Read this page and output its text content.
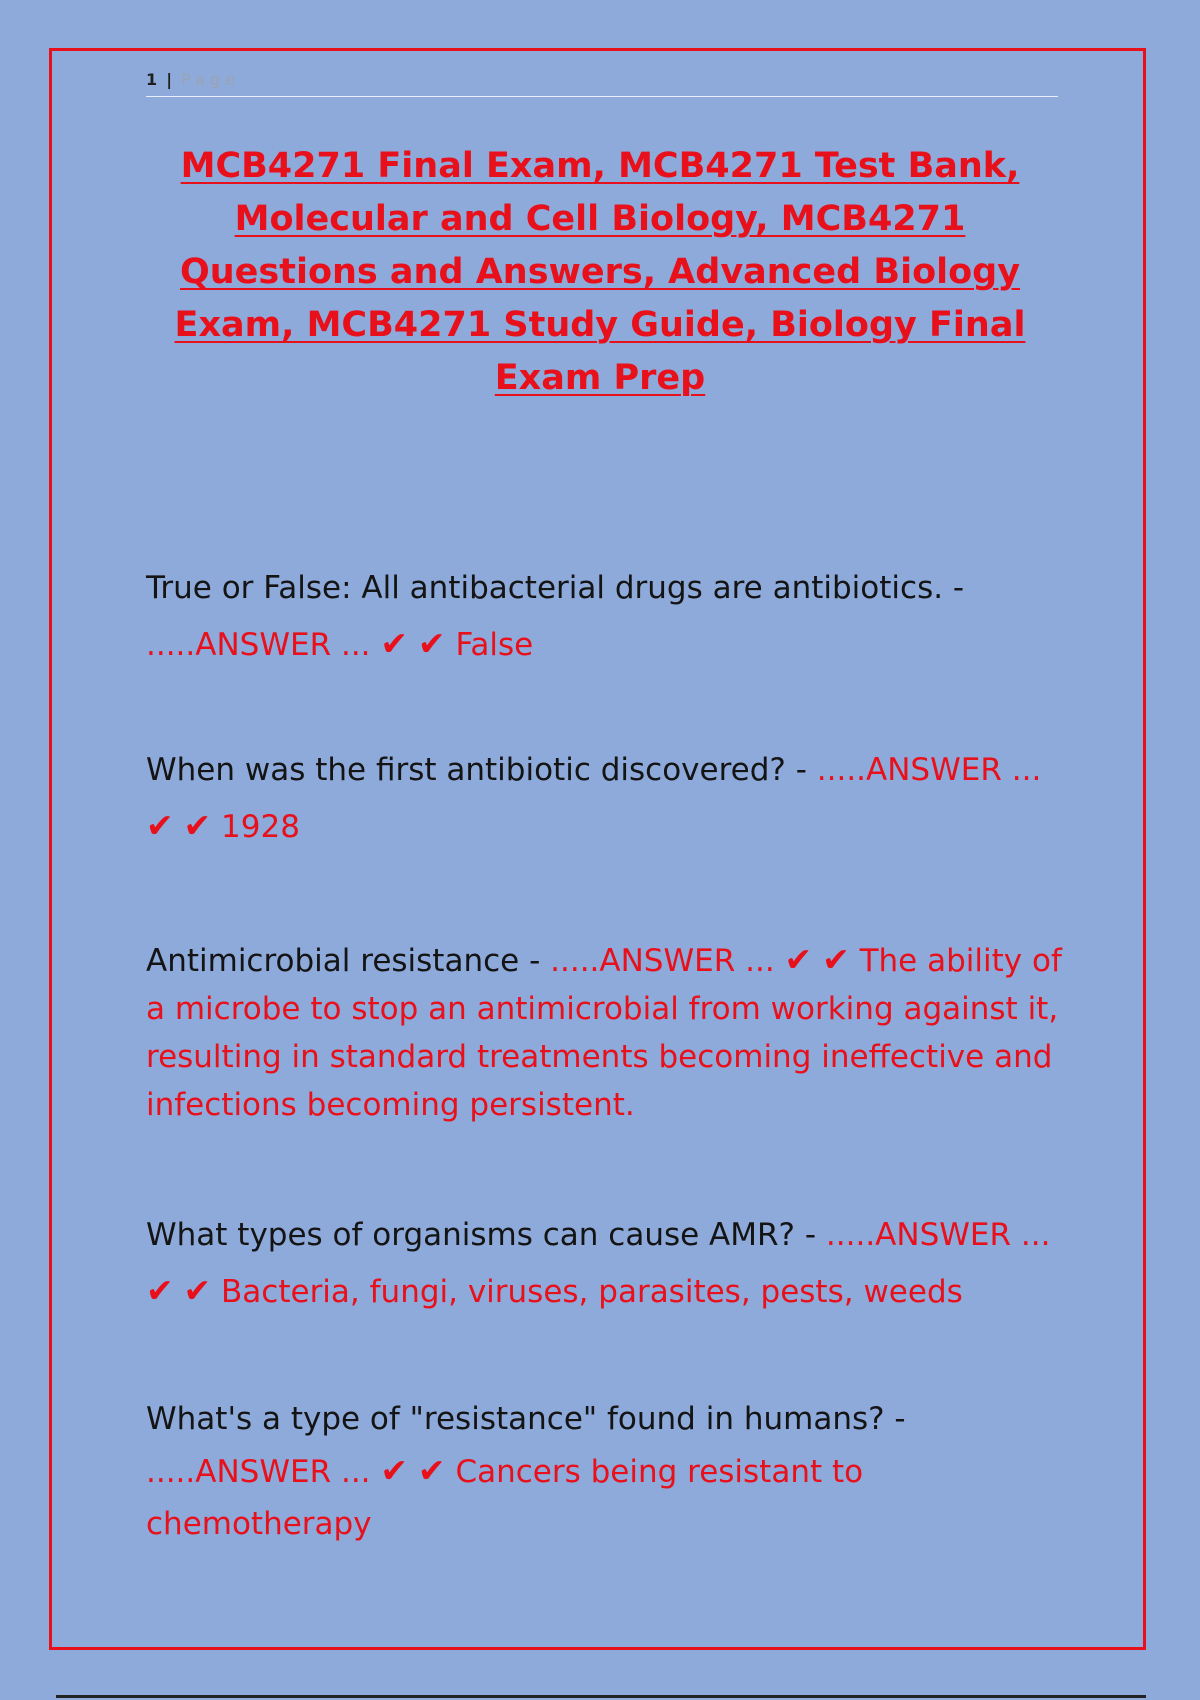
1 | Page
MCB4271 Final Exam, MCB4271 Test Bank, Molecular and Cell Biology, MCB4271 Questions and Answers, Advanced Biology Exam, MCB4271 Study Guide, Biology Final Exam Prep
True or False: All antibacterial drugs are antibiotics. - .....ANSWER ... ✔ ✔ False
When was the first antibiotic discovered? - .....ANSWER ... ✔ ✔ 1928
Antimicrobial resistance - .....ANSWER ... ✔ ✔ The ability of a microbe to stop an antimicrobial from working against it, resulting in standard treatments becoming ineffective and infections becoming persistent.
What types of organisms can cause AMR? - .....ANSWER ... ✔ ✔ Bacteria, fungi, viruses, parasites, pests, weeds
What's a type of "resistance" found in humans? - .....ANSWER ... ✔ ✔ Cancers being resistant to chemotherapy
